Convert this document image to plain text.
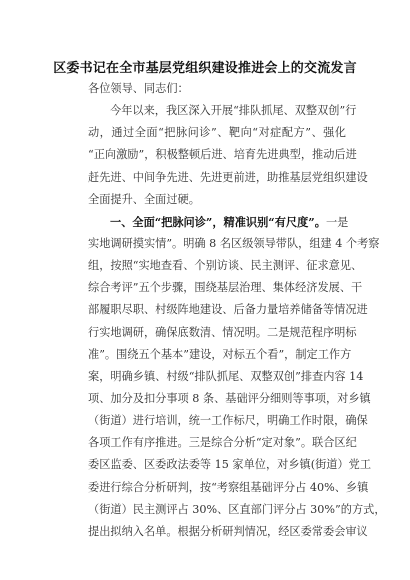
区委书记在全市基层党组织建设推进会上的交流发言
各位领导、同志们：
今年以来，我区深入开展“排队抓尾、双整双创”行
动，通过全面“把脉问诊”、靶向“对症配方”、强化
“正向激励”，积极整顿后进、培育先进典型，推动后进
赶先进、中间争先进、先进更前进，助推基层党组织建设
全面提升、全面过硬。
一、全面“把脉问诊”，精准识别“有尺度”。一是
实地调研摸实情”。明确 8 名区级领导带队，组建 4 个考察
组，按照“实地查看、个别访谈、民主测评、征求意见、
综合考评”五个步骤，围绕基层治理、集体经济发展、干
部履职尽职、村级阵地建设、后备力量培养储备等情况进
行实地调研，确保底数清、情况明。二是规范程序明标
准”。围绕五个基本”建设，对标五个看”，制定工作方
案，明确乡镇、村级“排队抓尾、双整双创”排查内容 14
项、加分及扣分事项 8 条、基础评分细则等事项，对乡镇
（街道）进行培训，统一工作标尺，明确工作时限，确保
各项工作有序推进。三是综合分析“定对象”。联合区纪
委区监委、区委政法委等 15 家单位，对乡镇(街道）党工
委进行综合分析研判，按“考察组基础评分占 40%、乡镇
（街道）民主测评占 30%、区直部门评分占 30%”的方式，
提出拟纳入名单。根据分析研判情况，经区委常委会审议
